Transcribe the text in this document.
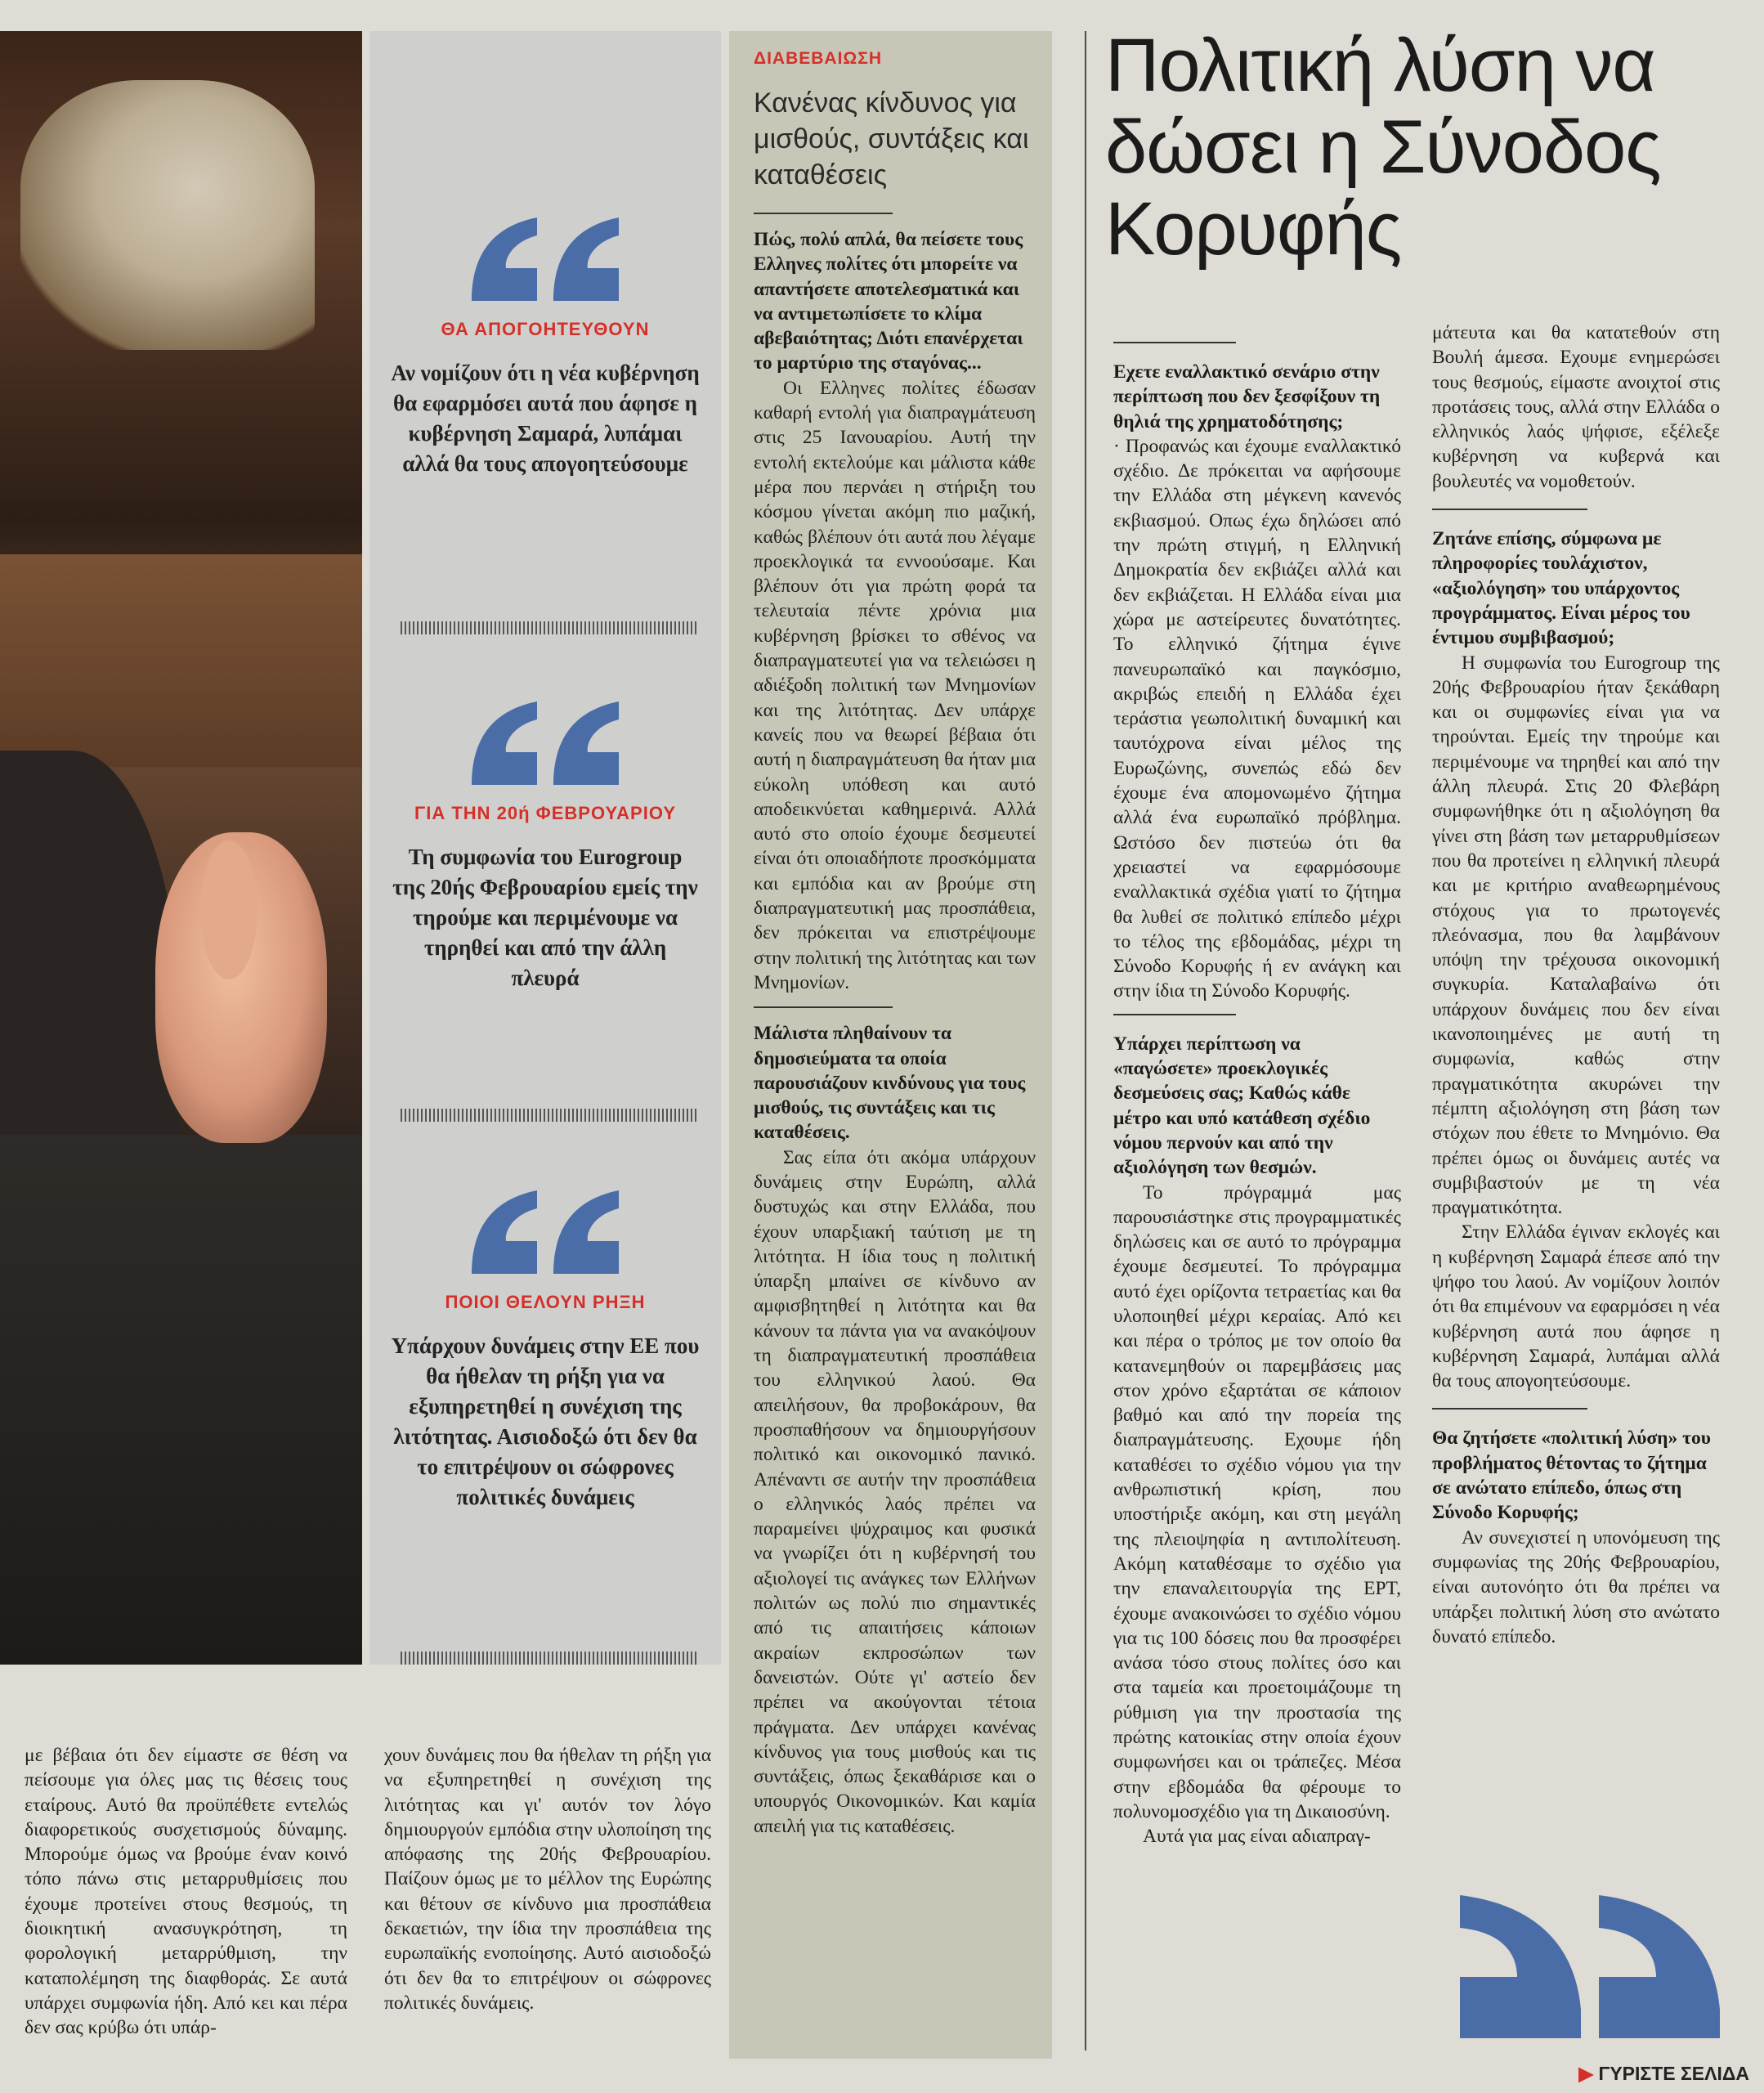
ΘΑ ΑΠΟΓΟΗΤΕΥΘΟΥΝ
Αν νομίζουν ότι η νέα κυβέρνηση θα εφαρμόσει αυτά που άφησε η κυβέρνηση Σαμαρά, λυπάμαι αλλά θα τους απογοητεύσουμε
ΓΙΑ ΤΗΝ 20ή ΦΕΒΡΟΥΑΡΙΟΥ
Τη συμφωνία του Eurogroup της 20ής Φεβρουαρίου εμείς την τηρούμε και περιμένουμε να τηρηθεί και από την άλλη πλευρά
ΠΟΙΟΙ ΘΕΛΟΥΝ ΡΗΞΗ
Υπάρχουν δυνάμεις στην ΕΕ που θα ήθελαν τη ρήξη για να εξυπηρετηθεί η συνέχιση της λιτότητας. Αισιοδοξώ ότι δεν θα το επιτρέψουν οι σώφρονες πολιτικές δυνάμεις
με βέβαια ότι δεν είμαστε σε θέση να πείσουμε για όλες μας τις θέσεις τους εταίρους. Αυτό θα προϋπέθετε εντελώς διαφορετικούς συσχετισμούς δύναμης. Μπορούμε όμως να βρούμε έναν κοινό τόπο πάνω στις μεταρρυθμίσεις που έχουμε προτείνει στους θεσμούς, τη διοικητική ανασυγκρότηση, τη φορολογική μεταρρύθμιση, την καταπολέμηση της διαφθοράς. Σε αυτά υπάρχει συμφωνία ήδη. Από κει και πέρα δεν σας κρύβω ότι υπάρ-
χουν δυνάμεις που θα ήθελαν τη ρήξη για να εξυπηρετηθεί η συνέχιση της λιτότητας και γι' αυτόν τον λόγο δημιουργούν εμπόδια στην υλοποίηση της απόφασης της 20ής Φεβρουαρίου. Παίζουν όμως με το μέλλον της Ευρώπης και θέτουν σε κίνδυνο μια προσπάθεια δεκαετιών, την ίδια την προσπάθεια της ευρωπαϊκής ενοποίησης. Αυτό αισιοδοξώ ότι δεν θα το επιτρέψουν οι σώφρονες πολιτικές δυνάμεις.
ΔΙΑΒΕΒΑΙΩΣΗ
Κανένας κίνδυνος για μισθούς, συντάξεις και καταθέσεις
Πώς, πολύ απλά, θα πείσετε τους Ελληνες πολίτες ότι μπορείτε να απαντήσετε αποτελεσματικά και να αντιμετωπίσετε το κλίμα αβεβαιότητας; Διότι επανέρχεται το μαρτύριο της σταγόνας...
Οι Ελληνες πολίτες έδωσαν καθαρή εντολή για διαπραγμάτευση στις 25 Ιανουαρίου. Αυτή την εντολή εκτελούμε και μάλιστα κάθε μέρα που περνάει η στήριξη του κόσμου γίνεται ακόμη πιο μαζική, καθώς βλέπουν ότι αυτά που λέγαμε προεκλογικά τα εννοούσαμε. Και βλέπουν ότι για πρώτη φορά τα τελευταία πέντε χρόνια μια κυβέρνηση βρίσκει το σθένος να διαπραγματευτεί για να τελειώσει η αδιέξοδη πολιτική των Μνημονίων και της λιτότητας. Δεν υπάρχε κανείς που να θεωρεί βέβαια ότι αυτή η διαπραγμάτευση θα ήταν μια εύκολη υπόθεση και αυτό αποδεικνύεται καθημερινά. Αλλά αυτό στο οποίο έχουμε δεσμευτεί είναι ότι οποιαδήποτε προσκόμματα και εμπόδια και αν βρούμε στη διαπραγματευτική μας προσπάθεια, δεν πρόκειται να επιστρέψουμε στην πολιτική της λιτότητας και των Μνημονίων.
Μάλιστα πληθαίνουν τα δημοσιεύματα τα οποία παρουσιάζουν κινδύνους για τους μισθούς, τις συντάξεις και τις καταθέσεις.
Σας είπα ότι ακόμα υπάρχουν δυνάμεις στην Ευρώπη, αλλά δυστυχώς και στην Ελλάδα, που έχουν υπαρξιακή ταύτιση με τη λιτότητα. Η ίδια τους η πολιτική ύπαρξη μπαίνει σε κίνδυνο αν αμφισβητηθεί η λιτότητα και θα κάνουν τα πάντα για να ανακόψουν τη διαπραγματευτική προσπάθεια του ελληνικού λαού. Θα απειλήσουν, θα προβοκάρουν, θα προσπαθήσουν να δημιουργήσουν πολιτικό και οικονομικό πανικό. Απέναντι σε αυτήν την προσπάθεια ο ελληνικός λαός πρέπει να παραμείνει ψύχραιμος και φυσικά να γνωρίζει ότι η κυβέρνησή του αξιολογεί τις ανάγκες των Ελλήνων πολιτών ως πολύ πιο σημαντικές από τις απαιτήσεις κάποιων ακραίων εκπροσώπων των δανειστών. Ούτε γι' αστείο δεν πρέπει να ακούγονται τέτοια πράγματα. Δεν υπάρχει κανένας κίνδυνος για τους μισθούς και τις συντάξεις, όπως ξεκαθάρισε και ο υπουργός Οικονομικών. Και καμία απειλή για τις καταθέσεις.
Πολιτική λύση να δώσει η Σύνοδος Κορυφής
Εχετε εναλλακτικό σενάριο στην περίπτωση που δεν ξεσφίξουν τη θηλιά της χρηματοδότησης;
· Προφανώς και έχουμε εναλλακτικό σχέδιο. Δε πρόκειται να αφήσουμε την Ελλάδα στη μέγκενη κανενός εκβιασμού. Οπως έχω δηλώσει από την πρώτη στιγμή, η Ελληνική Δημοκρατία δεν εκβιάζει αλλά και δεν εκβιάζεται. Η Ελλάδα είναι μια χώρα με αστείρευτες δυνατότητες. Το ελληνικό ζήτημα έγινε πανευρωπαϊκό και παγκόσμιο, ακριβώς επειδή η Ελλάδα έχει τεράστια γεωπολιτική δυναμική και ταυτόχρονα είναι μέλος της Ευρωζώνης, συνεπώς εδώ δεν έχουμε ένα απομονωμένο ζήτημα αλλά ένα ευρωπαϊκό πρόβλημα. Ωστόσο δεν πιστεύω ότι θα χρειαστεί να εφαρμόσουμε εναλλακτικά σχέδια γιατί το ζήτημα θα λυθεί σε πολιτικό επίπεδο μέχρι το τέλος της εβδομάδας, μέχρι τη Σύνοδο Κορυφής ή εν ανάγκη και στην ίδια τη Σύνοδο Κορυφής.
Υπάρχει περίπτωση να «παγώσετε» προεκλογικές δεσμεύσεις σας; Καθώς κάθε μέτρο και υπό κατάθεση σχέδιο νόμου περνούν και από την αξιολόγηση των θεσμών.
Το πρόγραμμά μας παρουσιάστηκε στις προγραμματικές δηλώσεις και σε αυτό το πρόγραμμα έχουμε δεσμευτεί. Το πρόγραμμα αυτό έχει ορίζοντα τετραετίας και θα υλοποιηθεί μέχρι κεραίας. Από κει και πέρα ο τρόπος με τον οποίο θα κατανεμηθούν οι παρεμβάσεις μας στον χρόνο εξαρτάται σε κάποιον βαθμό και από την πορεία της διαπραγμάτευσης. Εχουμε ήδη καταθέσει το σχέδιο νόμου για την ανθρωπιστική κρίση, που υποστήριξε ακόμη, και στη μεγάλη της πλειοψηφία η αντιπολίτευση. Ακόμη καταθέσαμε το σχέδιο για την επαναλειτουργία της ΕΡΤ, έχουμε ανακοινώσει το σχέδιο νόμου για τις 100 δόσεις που θα προσφέρει ανάσα τόσο στους πολίτες όσο και στα ταμεία και προετοιμάζουμε τη ρύθμιση για την προστασία της πρώτης κατοικίας στην οποία έχουν συμφωνήσει και οι τράπεζες. Μέσα στην εβδομάδα θα φέρουμε το πολυνομοσχέδιο για τη Δικαιοσύνη.
Αυτά για μας είναι αδιαπραγ-
μάτευτα και θα κατατεθούν στη Βουλή άμεσα. Εχουμε ενημερώσει τους θεσμούς, είμαστε ανοιχτοί στις προτάσεις τους, αλλά στην Ελλάδα ο ελληνικός λαός ψήφισε, εξέλεξε κυβέρνηση να κυβερνά και βουλευτές να νομοθετούν.
Ζητάνε επίσης, σύμφωνα με πληροφορίες τουλάχιστον, «αξιολόγηση» του υπάρχοντος προγράμματος. Είναι μέρος του έντιμου συμβιβασμού;
Η συμφωνία του Eurogroup της 20ής Φεβρουαρίου ήταν ξεκάθαρη και οι συμφωνίες είναι για να τηρούνται. Εμείς την τηρούμε και περιμένουμε να τηρηθεί και από την άλλη πλευρά. Στις 20 Φλεβάρη συμφωνήθηκε ότι η αξιολόγηση θα γίνει στη βάση των μεταρρυθμίσεων που θα προτείνει η ελληνική πλευρά και με κριτήριο αναθεωρημένους στόχους για το πρωτογενές πλεόνασμα, που θα λαμβάνουν υπόψη την τρέχουσα οικονομική συγκυρία. Καταλαβαίνω ότι υπάρχουν δυνάμεις που δεν είναι ικανοποιημένες με αυτή τη συμφωνία, καθώς στην πραγματικότητα ακυρώνει την πέμπτη αξιολόγηση στη βάση των στόχων που έθετε το Μνημόνιο. Θα πρέπει όμως οι δυνάμεις αυτές να συμβιβαστούν με τη νέα πραγματικότητα.
Στην Ελλάδα έγιναν εκλογές και η κυβέρνηση Σαμαρά έπεσε από την ψήφο του λαού. Αν νομίζουν λοιπόν ότι θα επιμένουν να εφαρμόσει η νέα κυβέρνηση αυτά που άφησε η κυβέρνηση Σαμαρά, λυπάμαι αλλά θα τους απογοητεύσουμε.
Θα ζητήσετε «πολιτική λύση» του προβλήματος θέτοντας το ζήτημα σε ανώτατο επίπεδο, όπως στη Σύνοδο Κορυφής;
Αν συνεχιστεί η υπονόμευση της συμφωνίας της 20ής Φεβρουαρίου, είναι αυτονόητο ότι θα πρέπει να υπάρξει πολιτική λύση στο ανώτατο δυνατό επίπεδο.
▶ ΓΥΡΙΣΤΕ ΣΕΛΙΔΑ
